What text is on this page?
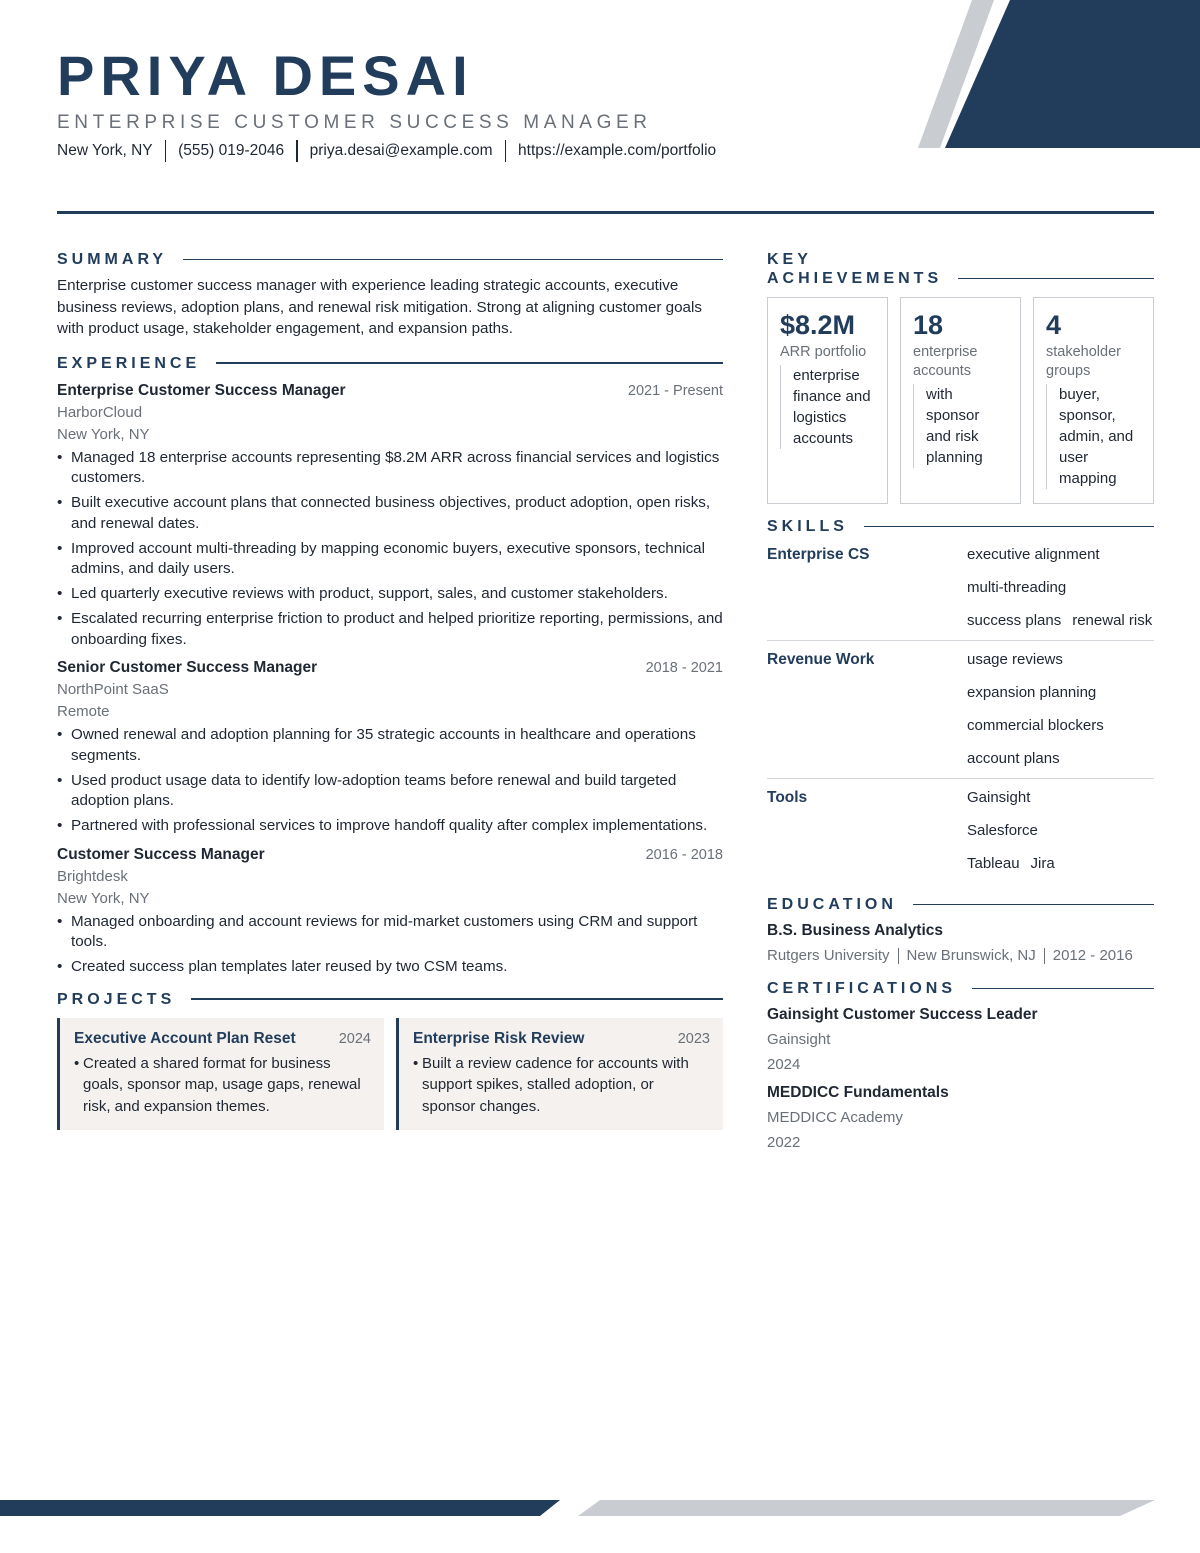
PRIYA DESAI
ENTERPRISE CUSTOMER SUCCESS MANAGER
New York, NY (555) 019-2046 priya.desai@example.com https://example.com/portfolio
SUMMARY

Enterprise customer success manager with experience leading strategic accounts, executive business reviews, adoption plans, and renewal risk mitigation. Strong at aligning customer goals with product usage, stakeholder engagement, and expansion paths.

EXPERIENCE
Enterprise Customer Success Manager	2021 - Present
HarborCloud
New York, NY
• Managed 18 enterprise accounts representing $8.2M ARR across financial services and logistics customers.
• Built executive account plans that connected business objectives, product adoption, open risks, and renewal dates.
• Improved account multi-threading by mapping economic buyers, executive sponsors, technical admins, and daily users.
• Led quarterly executive reviews with product, support, sales, and customer stakeholders.
• Escalated recurring enterprise friction to product and helped prioritize reporting, permissions, and onboarding fixes.
Senior Customer Success Manager	2018 - 2021
NorthPoint SaaS
Remote
• Owned renewal and adoption planning for 35 strategic accounts in healthcare and operations segments.
• Used product usage data to identify low-adoption teams before renewal and build targeted adoption plans.
• Partnered with professional services to improve handoff quality after complex implementations.
Customer Success Manager	2016 - 2018
Brightdesk
New York, NY
• Managed onboarding and account reviews for mid-market customers using CRM and support tools.
• Created success plan templates later reused by two CSM teams.
PROJECTS
Executive Account Plan Reset	2024
• Created a shared format for business goals, sponsor map, usage gaps, renewal risk, and expansion themes.
Enterprise Risk Review	2023
• Built a review cadence for accounts with support spikes, stalled adoption, or sponsor changes.
KEY
ACHIEVEMENTS
$8.2M
ARR portfolio
enterprise finance and logistics accounts
18
enterprise accounts
with sponsor and risk planning
4
stakeholder groups
buyer, sponsor, admin, and user mapping
SKILLS
Enterprise CS	executive alignment
multi-threading
success plans renewal risk
Revenue Work	usage reviews
expansion planning
commercial blockers
account plans
Tools	Gainsight
Salesforce
Tableau Jira
EDUCATION
B.S. Business Analytics
Rutgers University New Brunswick, NJ 2012 - 2016
CERTIFICATIONS
Gainsight Customer Success Leader
Gainsight
2024
MEDDICC Fundamentals
MEDDICC Academy
2022
